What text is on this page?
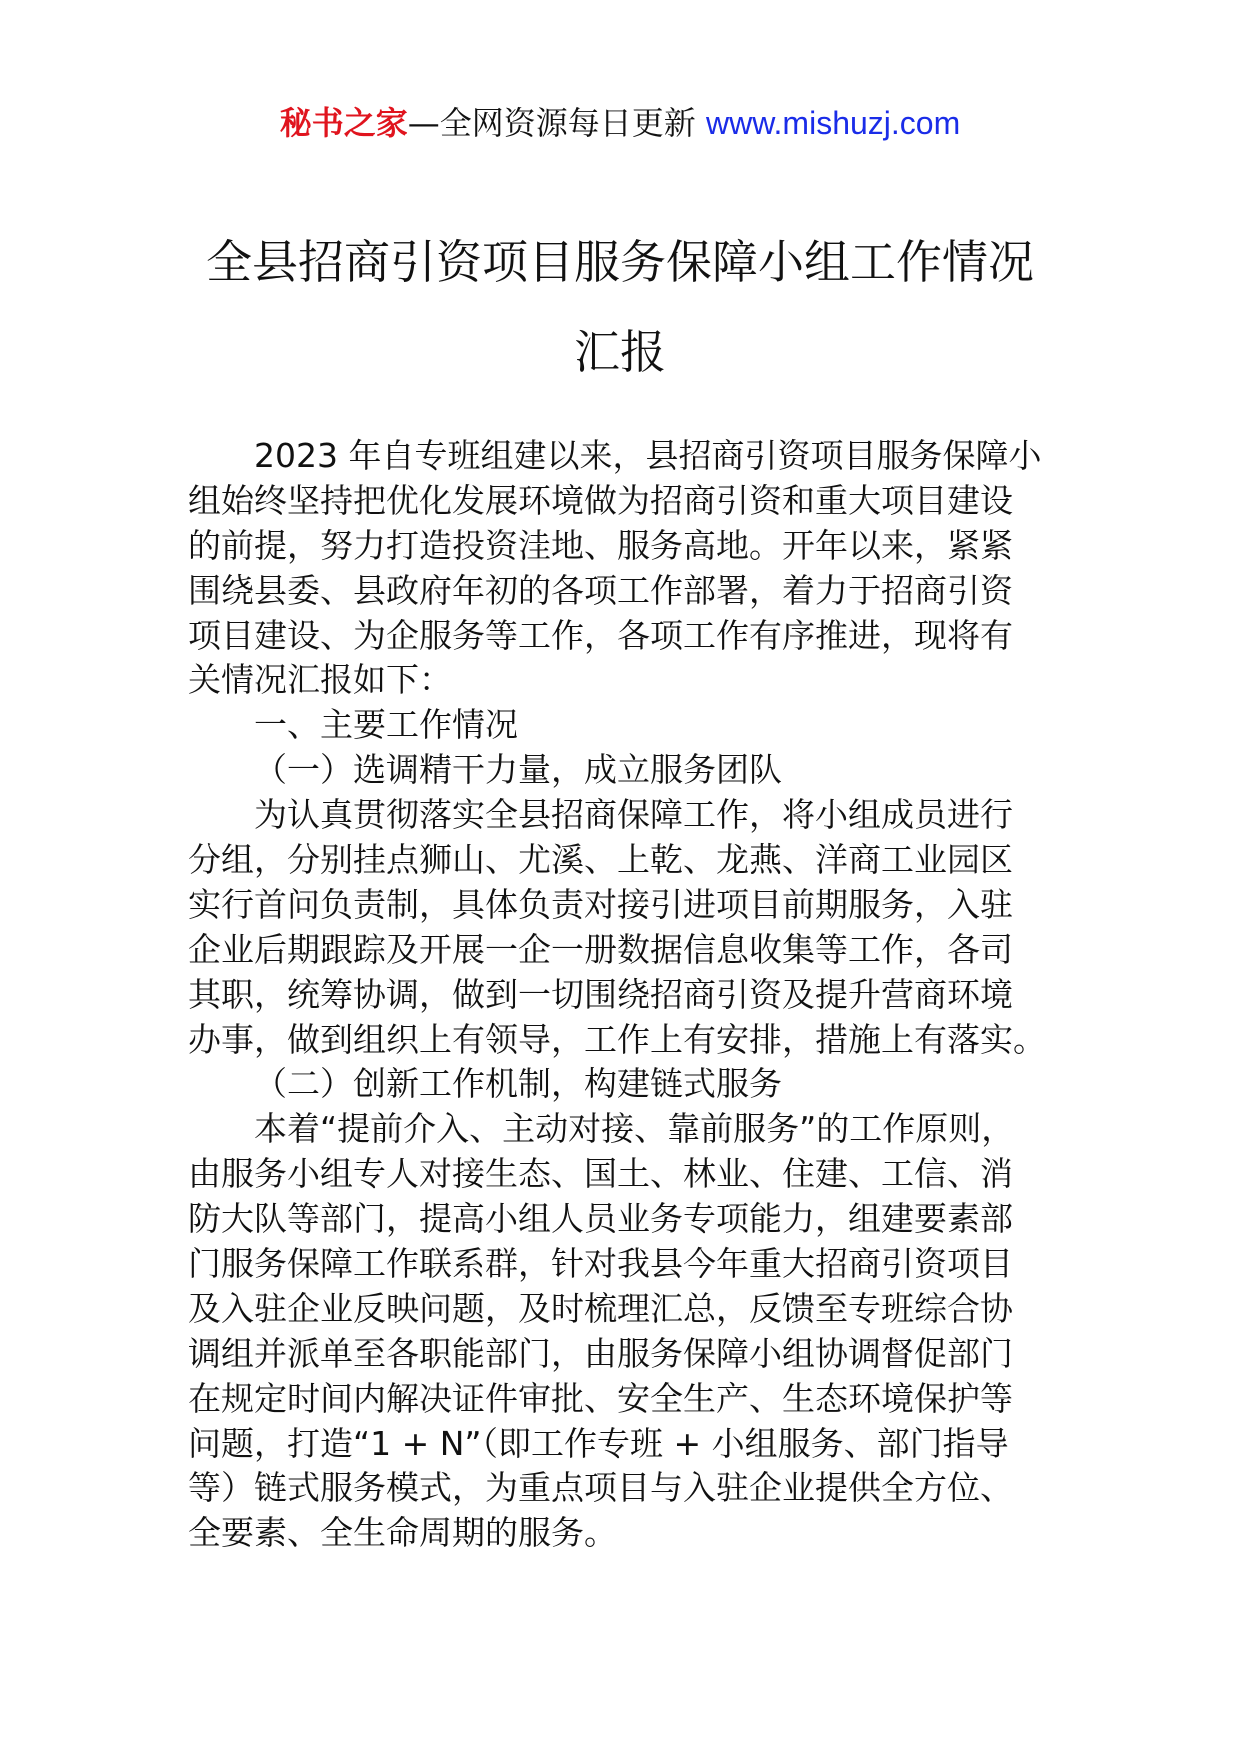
秘书之家—全网资源每日更新 www.mishuzj.com
全县招商引资项目服务保障小组工作情况
汇报
2023 年自专班组建以来，县招商引资项目服务保障小
组始终坚持把优化发展环境做为招商引资和重大项目建设
的前提，努力打造投资洼地、服务高地。开年以来，紧紧
围绕县委、县政府年初的各项工作部署，着力于招商引资
项目建设、为企服务等工作，各项工作有序推进，现将有
关情况汇报如下：
一、主要工作情况
（一）选调精干力量，成立服务团队
为认真贯彻落实全县招商保障工作，将小组成员进行
分组，分别挂点狮山、尤溪、上乾、龙燕、洋商工业园区
实行首问负责制，具体负责对接引进项目前期服务，入驻
企业后期跟踪及开展一企一册数据信息收集等工作，各司
其职，统筹协调，做到一切围绕招商引资及提升营商环境
办事，做到组织上有领导，工作上有安排，措施上有落实。
（二）创新工作机制，构建链式服务
本着“提前介入、主动对接、靠前服务”的工作原则，
由服务小组专人对接生态、国土、林业、住建、工信、消
防大队等部门，提高小组人员业务专项能力，组建要素部
门服务保障工作联系群，针对我县今年重大招商引资项目
及入驻企业反映问题，及时梳理汇总，反馈至专班综合协
调组并派单至各职能部门，由服务保障小组协调督促部门
在规定时间内解决证件审批、安全生产、生态环境保护等
问题，打造“1 + N”（即工作专班 + 小组服务、部门指导
等）链式服务模式，为重点项目与入驻企业提供全方位、
全要素、全生命周期的服务。
